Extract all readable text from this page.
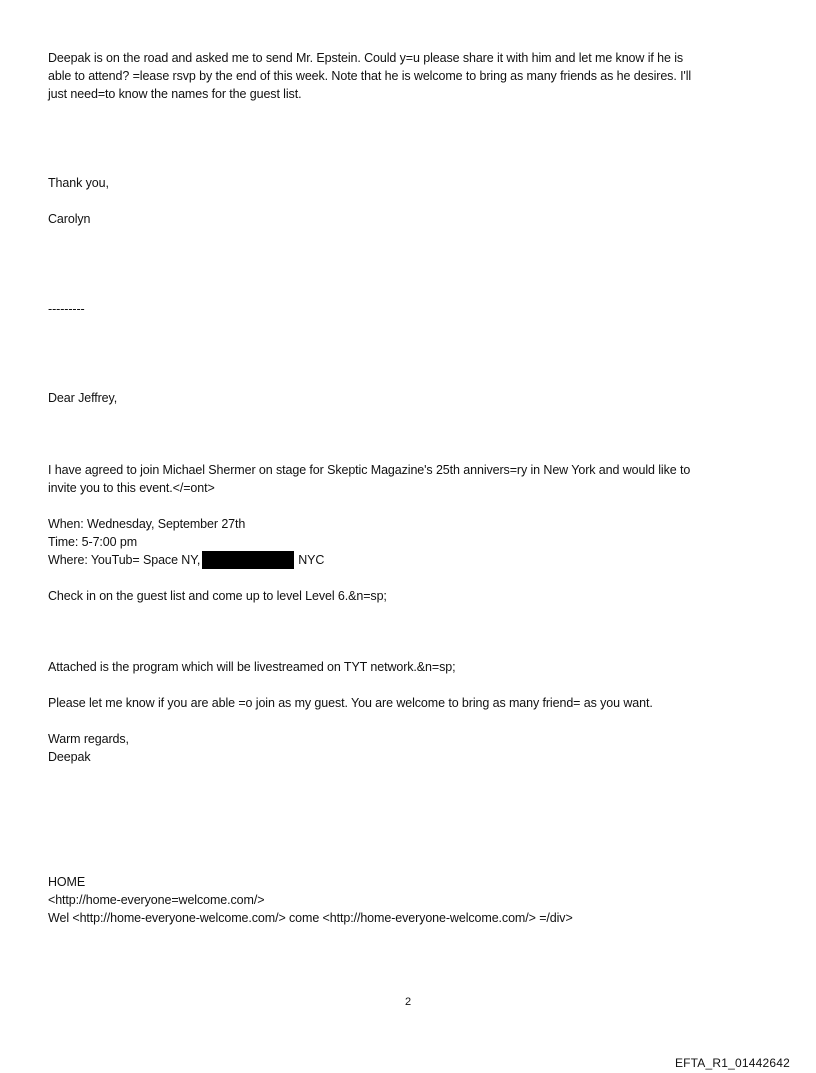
Deepak is on the road and asked me to send Mr. Epstein. Could y=u please share it with him and let me know if he is
able to attend? =lease rsvp by the end of this week. Note that he is welcome to bring as many friends as he desires. I'll
just need=to know the names for the guest list.
Thank you,
Carolyn
---------
Dear Jeffrey,
I have agreed to join Michael Shermer on stage for Skeptic Magazine's 25th annivers=ry in New York and would like to
invite you to this event.</=ont>
When: Wednesday, September 27th
Time: 5-7:00 pm
Where: YouTub= Space NY,	NYC
Check in on the guest list and come up to level Level 6.&n=sp;
Attached is the program which will be livestreamed on TYT network.&n=sp;
Please let me know if you are able =o join as my guest. You are welcome to bring as many friend= as you want.
Warm regards,
Deepak
HOME
<http://home-everyone=welcome.com/>
Wel <http://home-everyone-welcome.com/> come <http://home-everyone-welcome.com/> =/div>
2
EFTA_R1_01442642
